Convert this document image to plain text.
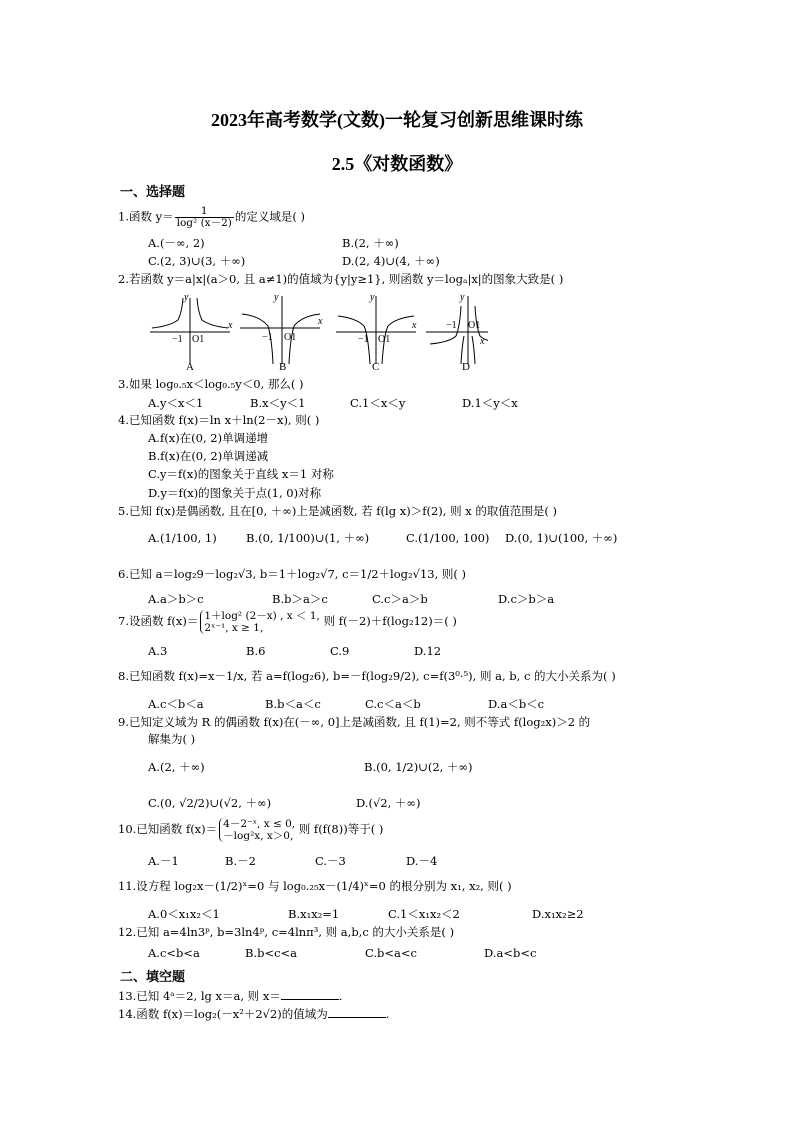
2023年高考数学(文数)一轮复习创新思维课时练
2.5《对数函数》
一、选择题
1.函数 $y= \frac{1}{\text{log² (x－2)}}$ 的定义域是( )
A.(－∞, 2)	B.(2, ＋∞)
C.(2, 3)∪(3, ＋∞)	D.(2, 4)∪(4, ＋∞)
2.若函数 y＝a|x|(a＞0, 且 a≠1)的值域为{y|y≥1}, 则函数 y＝logₐ|x|的图象大致是( )
−1 O1
x
y
−1 O1
x
y
−1 O1
x
y
−1 O1
x
y
A	B	C	D
3.如果 log₀.₅x＜log₀.₅y＜0, 那么( )
A.y＜x＜1	B.x＜y＜1	C.1＜x＜y	D.1＜y＜x
4.已知函数 f(x)＝ln x＋ln(2－x), 则( )
A.f(x)在(0, 2)单调递增
B.f(x)在(0, 2)单调递减
C.y＝f(x)的图象关于直线 x＝1 对称
D.y＝f(x)的图象关于点(1, 0)对称
5.已知 f(x)是偶函数, 且在[0, ＋∞)上是减函数, 若 f(lg x)＞f(2), 则 x 的取值范围是( )
A.(1/100, 1)	B.(0, 1/100)∪(1, ＋∞)	C.(1/100, 100) D.(0, 1)∪(100, ＋∞)
6.已知 a＝log₂9－log₂√3, b＝1＋log₂√7, c＝1/2＋log₂√13, 则( )
A.a＞b＞c	B.b＞a＞c	C.c＞a＞b	D.c＞b＞a
7.设函数 f(x)＝ 1＋log² (2－x) , x ＜ 1,
2ˣ⁻¹, x ≥ 1,	则 f(－2)＋f(log₂12)＝( )
A.3	B.6	C.9	D.12
8.已知函数 f(x)=x－1/x, 若 a=f(log₂6), b=－f(log₂9/2), c=f(3⁰·⁵), 则 a, b, c 的大小关系为( )
A.c＜b＜a	B.b＜a＜c	C.c＜a＜b	D.a＜b＜c
9.已知定义域为 R 的偶函数 f(x)在(－∞, 0]上是减函数, 且 f(1)=2, 则不等式 f(log₂x)＞2 的
解集为( )
A.(2, ＋∞)	B.(0, 1/2)∪(2, ＋∞)
C.(0, √2/2)∪(√2, ＋∞)	D.(√2, ＋∞)
10.已知函数 f(x)＝ 4－2⁻ˣ, x ≤ 0,
－log²x, x＞0, 则 f(f(8))等于( )
A.－1	B.－2	C.－3	D.－4
11.设方程 log₂x－(1/2)ˣ=0 与 log₀.₂₅x－(1/4)ˣ=0 的根分别为 x₁, x₂, 则( )
A.0＜x₁x₂＜1	B.x₁x₂=1	C.1＜x₁x₂＜2	D.x₁x₂≥2
12.已知 a=4ln3ᵖ, b=3ln4ᵖ, c=4lnπ³, 则 a,b,c 的大小关系是( )
A.c<b<a	B.b<c<a	C.b<a<c	D.a<b<c
二、填空题
13.已知 4ᵃ＝2, lg x＝a, 则 x＝	.
14.函数 f(x)＝log₂(－x²＋2√2)的值域为	.
